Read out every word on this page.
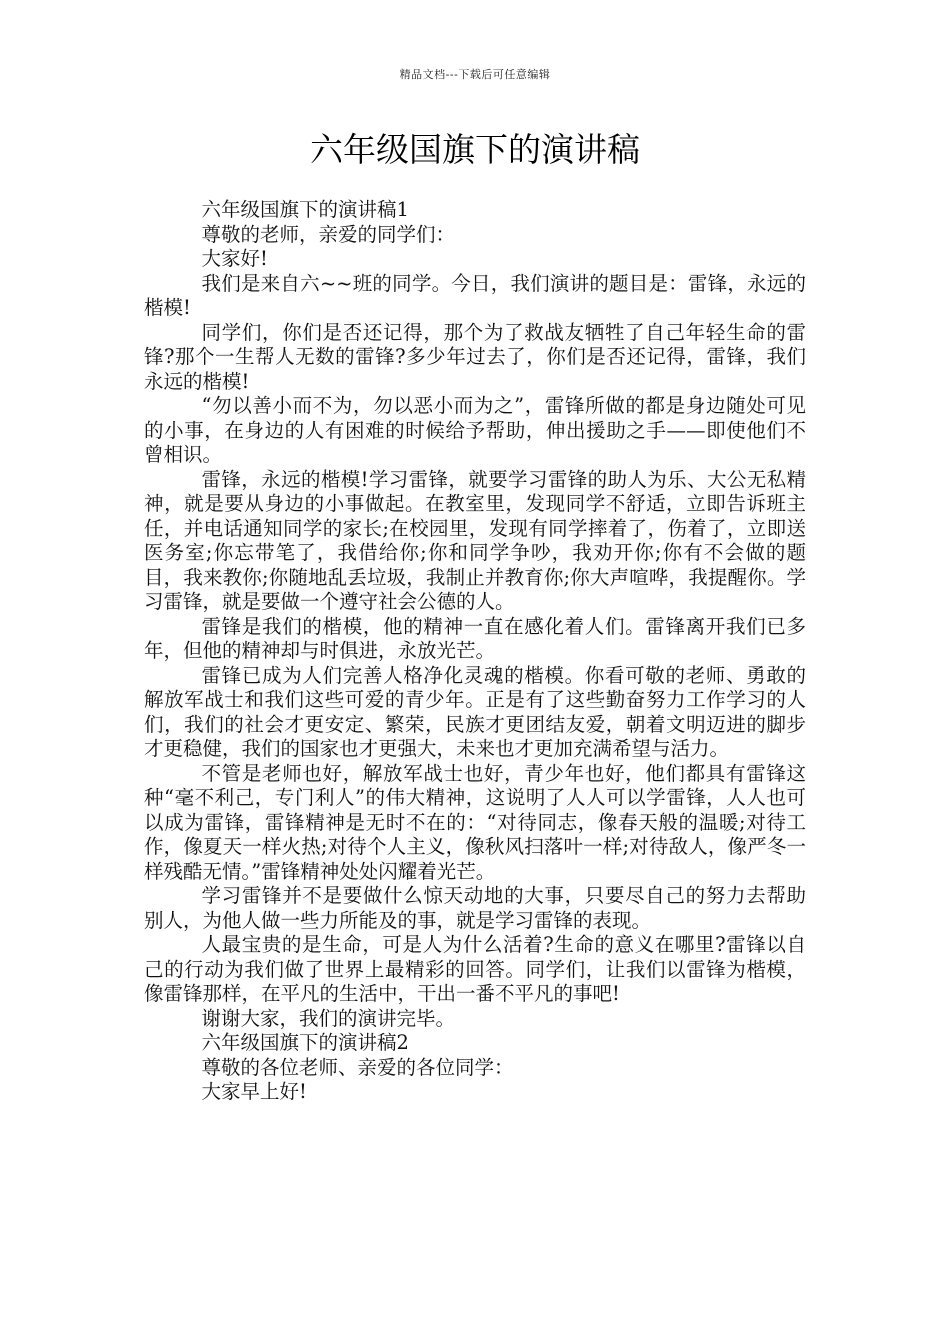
精品文档---下载后可任意编辑
六年级国旗下的演讲稿

六年级国旗下的演讲稿1

尊敬的老师，亲爱的同学们：

大家好!

我们是来自六~~班的同学。今日，我们演讲的题目是：雷锋，永远的楷模!

同学们，你们是否还记得，那个为了救战友牺牲了自己年轻生命的雷锋?那个一生帮人无数的雷锋?多少年过去了，你们是否还记得，雷锋，我们永远的楷模!

“勿以善小而不为，勿以恶小而为之”，雷锋所做的都是身边随处可见的小事，在身边的人有困难的时候给予帮助，伸出援助之手——即使他们不曾相识。

雷锋，永远的楷模!学习雷锋，就要学习雷锋的助人为乐、大公无私精神，就是要从身边的小事做起。在教室里，发现同学不舒适，立即告诉班主任，并电话通知同学的家长;在校园里，发现有同学摔着了，伤着了，立即送医务室;你忘带笔了，我借给你;你和同学争吵，我劝开你;你有不会做的题目，我来教你;你随地乱丢垃圾，我制止并教育你;你大声喧哗，我提醒你。学习雷锋，就是要做一个遵守社会公德的人。

雷锋是我们的楷模，他的精神一直在感化着人们。雷锋离开我们已多年，但他的精神却与时俱进，永放光芒。

雷锋已成为人们完善人格净化灵魂的楷模。你看可敬的老师、勇敢的解放军战士和我们这些可爱的青少年。正是有了这些勤奋努力工作学习的人们，我们的社会才更安定、繁荣，民族才更团结友爱，朝着文明迈进的脚步才更稳健，我们的国家也才更强大，未来也才更加充满希望与活力。

不管是老师也好，解放军战士也好，青少年也好，他们都具有雷锋这种“毫不利己，专门利人”的伟大精神，这说明了人人可以学雷锋，人人也可以成为雷锋，雷锋精神是无时不在的：“对待同志，像春天般的温暖;对待工作，像夏天一样火热;对待个人主义，像秋风扫落叶一样;对待敌人，像严冬一样残酷无情。”雷锋精神处处闪耀着光芒。

学习雷锋并不是要做什么惊天动地的大事，只要尽自己的努力去帮助别人，为他人做一些力所能及的事，就是学习雷锋的表现。

人最宝贵的是生命，可是人为什么活着?生命的意义在哪里?雷锋以自己的行动为我们做了世界上最精彩的回答。同学们，让我们以雷锋为楷模，像雷锋那样，在平凡的生活中，干出一番不平凡的事吧!

谢谢大家，我们的演讲完毕。

六年级国旗下的演讲稿2

尊敬的各位老师、亲爱的各位同学：

大家早上好!
